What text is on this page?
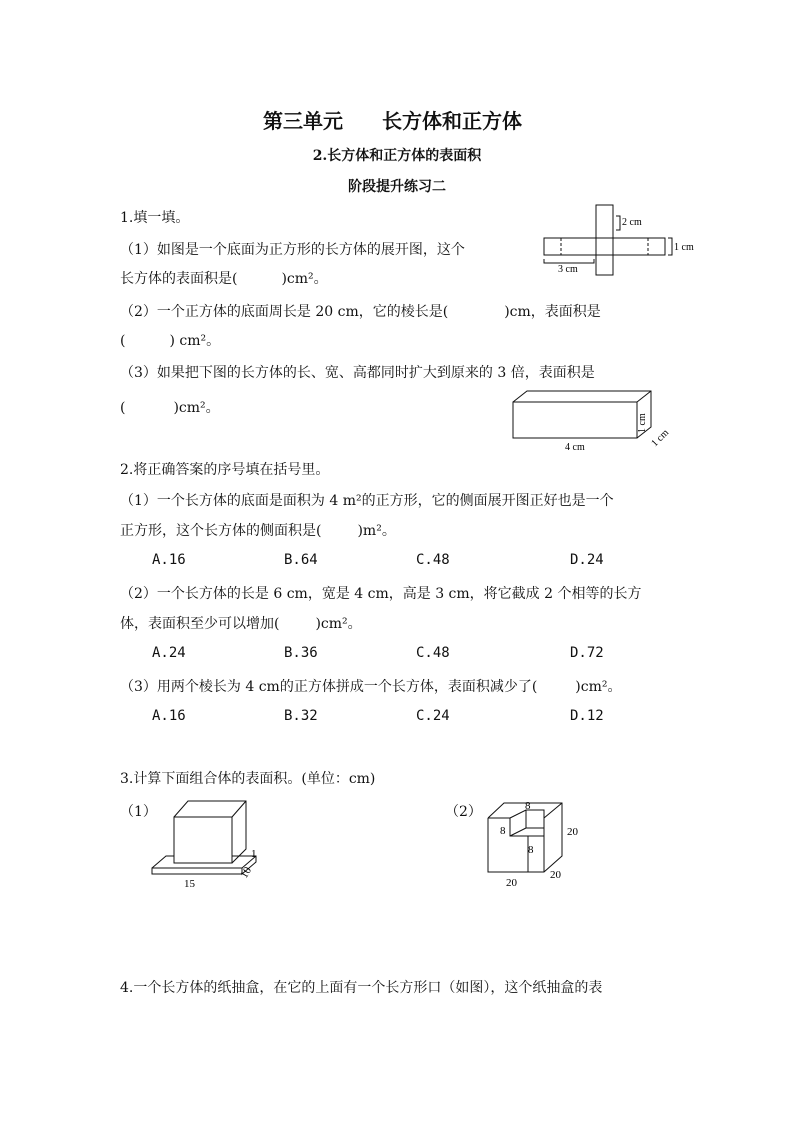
第三单元 长方体和正方体
2.长方体和正方体的表面积
阶段提升练习二
1.填一填。
（1）如图是一个底面为正方形的长方体的展开图，这个
长方体的表面积是(	)cm²。
（2）一个正方体的底面周长是 20 cm，它的棱长是(	)cm，表面积是
(	) cm²。
（3）如果把下图的长方体的长、宽、高都同时扩大到原来的 3 倍，表面积是
(	)cm²。
2 cm
1 cm
3 cm
4 cm
1 cm
1 cm
2.将正确答案的序号填在括号里。
（1）一个长方体的底面是面积为 4 m²的正方形，它的侧面展开图正好也是一个
正方形，这个长方体的侧面积是(	)m²。
A.16	B.64	C.48	D.24
（2）一个长方体的长是 6 cm，宽是 4 cm，高是 3 cm，将它截成 2 个相等的长方
体，表面积至少可以增加(	)cm²。
A.24	B.36	C.48	D.72
（3）用两个棱长为 4 cm的正方体拼成一个长方体，表面积减少了(	)cm²。
A.16	B.32	C.24	D.12
3.计算下面组合体的表面积。(单位：cm)
（1）	（2）
15
1
10
8
8
8
20
20
20
4.一个长方体的纸抽盒，在它的上面有一个长方形口（如图），这个纸抽盒的表
